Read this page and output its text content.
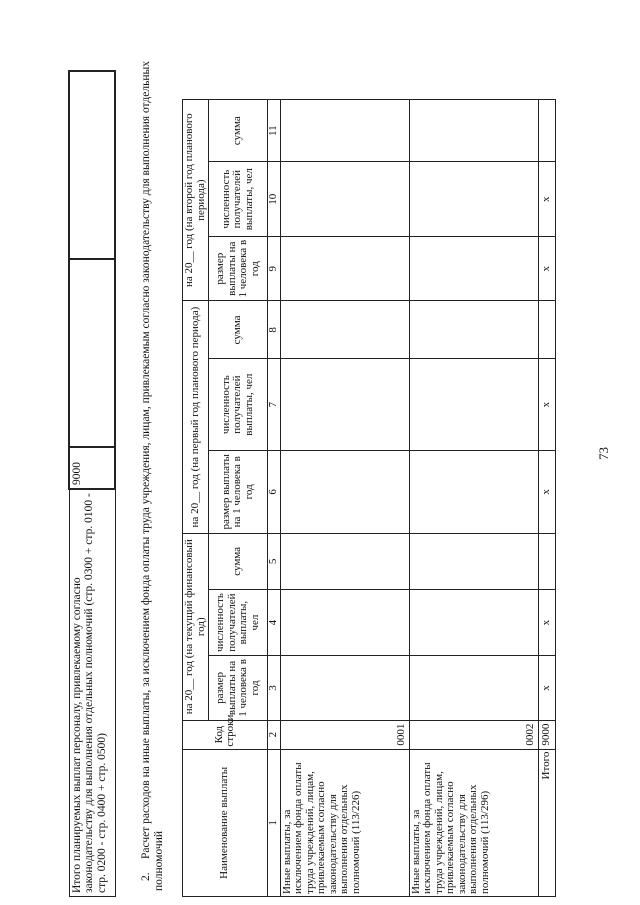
73
Итого планируемых выплат персоналу, привлекаемому согласно законодательству для выполнения отдельных полномочий (стр. 0300 + стр. 0100 - стр. 0200 - стр. 0400 + стр. 0500)	9000		
2.Расчет расходов на иные выплаты, за исключением фонда оплаты труда учреждения, лицам, привлекаемым согласно законодательству для выполнения отдельных полномочий	Наименование выплаты	Код строки	на 20__ год (на текущий финансовый год)			на 20__ год (на первый год планового периода)			на 20__ год (на второй год планового периода)		
		размер выплаты на 1 человека в год	численность получателей выплаты, чел	сумма	размер выплаты на 1 человека в год	численность получателей выплаты, чел	сумма	размер выплаты на 1 человека в год	численность получателей выплаты, чел	сумма
1	2	3	4	5	6	7	8	9	10	11
Иные выплаты, за исключением фонда оплаты труда учреждений, лицам, привлекаемым согласно законодательству для выполнения отдельных полномочий (113/226)	0001									
Иные выплаты, за исключением фонда оплаты труда учреждений, лицам, привлекаемым согласно законодательству для выполнения отдельных полномочий (113/296)	0002									
Итого	9000	x	x		x	x		x	x	
